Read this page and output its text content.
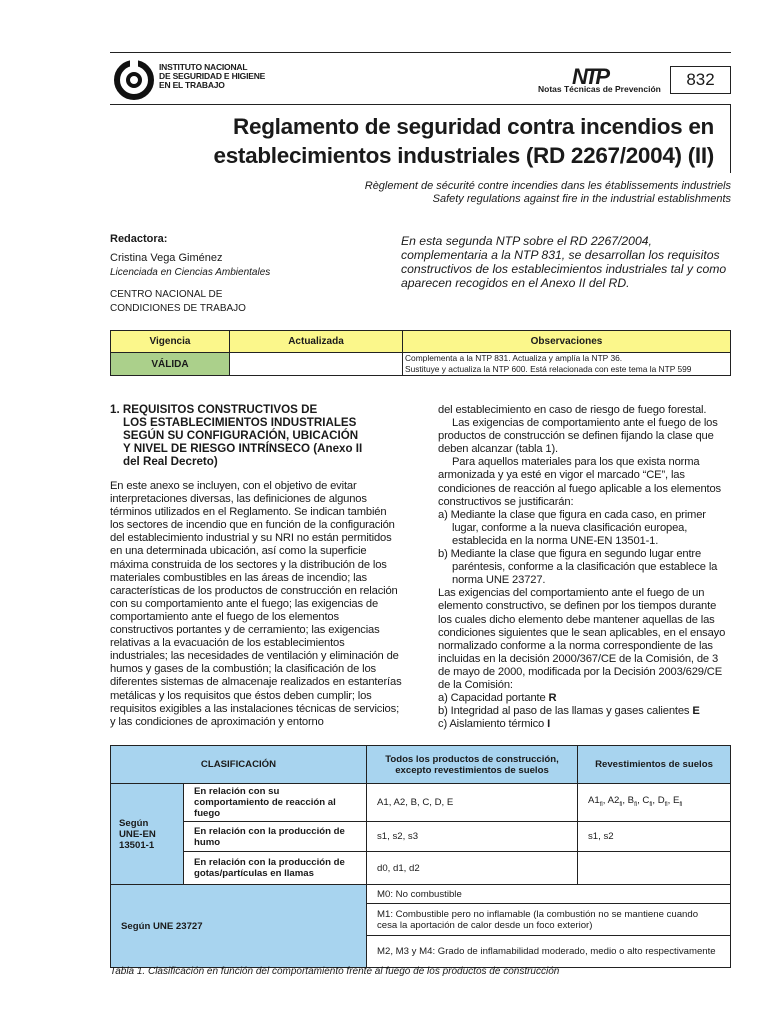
INSTITUTO NACIONAL
DE SEGURIDAD E HIGIENE
EN EL TRABAJO	NTP
Notas Técnicas de Prevención	832
Reglamento de seguridad contra incendios en
establecimientos industriales (RD 2267/2004) (II)
Règlement de sécurité contre incendies dans les établissements industriels
Safety regulations against fire in the industrial establishments
Redactora:
Cristina Vega Giménez
Licenciada en Ciencias Ambientales
CENTRO NACIONAL DE
CONDICIONES DE TRABAJO
En esta segunda NTP sobre el RD 2267/2004, complementaria a la NTP 831, se desarrollan los requisitos constructivos de los establecimientos industriales tal y como aparecen recogidos en el Anexo II del RD.
Vigencia	Actualizada	Observaciones
VÁLIDA		Complementa a la NTP 831. Actualiza y amplía la NTP 36.
Sustituye y actualiza la NTP 600. Está relacionada con este tema la NTP 599
1. REQUISITOS CONSTRUCTIVOS DE
LOS ESTABLECIMIENTOS INDUSTRIALES
SEGÚN SU CONFIGURACIÓN, UBICACIÓN
Y NIVEL DE RIESGO INTRÍNSECO (Anexo II
del Real Decreto)

En este anexo se incluyen, con el objetivo de evitar interpretaciones diversas, las definiciones de algunos términos utilizados en el Reglamento. Se indican también los sectores de incendio que en función de la configuración del establecimiento industrial y su NRI no están permitidos en una determinada ubicación, así como la superficie máxima construida de los sectores y la distribución de los materiales combustibles en las áreas de incendio; las características de los productos de construcción en relación con su comportamiento ante el fuego; las exigencias de comportamiento ante el fuego de los elementos constructivos portantes y de cerramiento; las exigencias relativas a la evacuación de los establecimientos industriales; las necesidades de ventilación y eliminación de humos y gases de la combustión; la clasificación de los diferentes sistemas de almacenaje realizados en estanterías metálicas y los requisitos que éstos deben cumplir; los requisitos exigibles a las instalaciones técnicas de servicios; y las condiciones de aproximación y entorno

del establecimiento en caso de riesgo de fuego forestal.

Las exigencias de comportamiento ante el fuego de los productos de construcción se definen fijando la clase que deben alcanzar (tabla 1).

Para aquellos materiales para los que exista norma armonizada y ya esté en vigor el marcado “CE”, las condiciones de reacción al fuego aplicable a los elementos constructivos se justificarán:

a) Mediante la clase que figura en cada caso, en primer lugar, conforme a la nueva clasificación europea, establecida en la norma UNE-EN 13501-1.

b) Mediante la clase que figura en segundo lugar entre paréntesis, conforme a la clasificación que establece la norma UNE 23727.

Las exigencias del comportamiento ante el fuego de un elemento constructivo, se definen por los tiempos durante los cuales dicho elemento debe mantener aquellas de las condiciones siguientes que le sean aplicables, en el ensayo normalizado conforme a la norma correspondiente de las incluidas en la decisión 2000/367/CE de la Comisión, de 3 de mayo de 2000, modificada por la Decisión 2003/629/CE de la Comisión:

a) Capacidad portante R

b) Integridad al paso de las llamas y gases calientes E

c) Aislamiento térmico I

CLASIFICACIÓN		Todos los productos de construcción, excepto revestimientos de suelos	Revestimientos de suelos

Según
UNE-EN
13501-1	En relación con su comportamiento de reacción al fuego	A1, A2, B, C, D, E	$A1_{fl}$, $A2_{fl}$, $B_{fl}$, $C_{fl}$, $D_{fl}$, $E_{fl}$
	En relación con la producción de humo	s1, s2, s3	s1, s2
	En relación con la producción de gotas/partículas en llamas	d0, d1, d2	
Según UNE 23727		M0: No combustible	
		M1: Combustible pero no inflamable (la combustión no se mantiene cuando cesa la aportación de calor desde un foco exterior)	
		M2, M3 y M4: Grado de inflamabilidad moderado, medio o alto respectivamente	
Tabla 1. Clasificación en función del comportamiento frente al fuego de los productos de construcción
